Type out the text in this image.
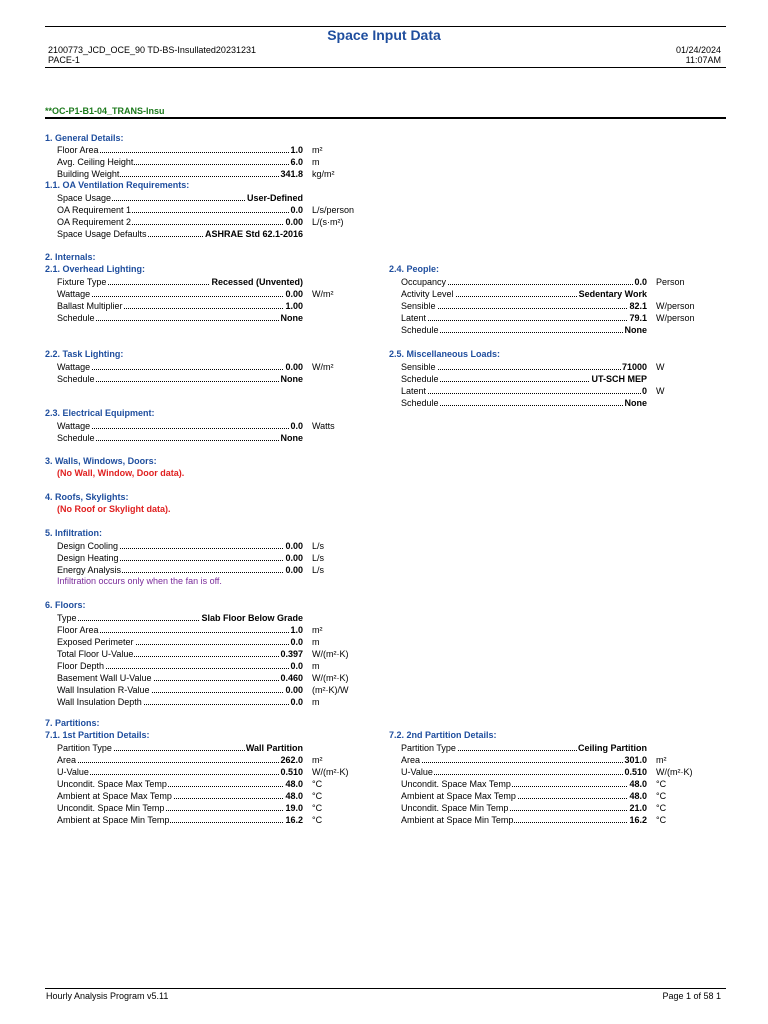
Space Input Data
2100773_JCD_OCE_90 TD-BS-Insullated20231231
PACE-1
01/24/2024
11:07AM
**OC-P1-B1-04_TRANS-Insu
1. General Details:
1.1. OA Ventilation Requirements:
2. Internals:
2.1. Overhead Lighting:	2.4. People:
2.2. Task Lighting:	2.5. Miscellaneous Loads:
2.3. Electrical Equipment:
3. Walls, Windows, Doors:
(No Wall, Window, Door data).
4. Roofs, Skylights:
(No Roof or Skylight data).
5. Infiltration:
Infiltration occurs only when the fan is off.
6. Floors:
7. Partitions:
7.1. 1st Partition Details:	7.2. 2nd Partition Details:
Floor Area	1.0 m²
Avg. Ceiling Height	6.0 m
Building Weight	341.8 kg/m²
Space Usage	User-Defined
OA Requirement 1	0.0 L/s/person
OA Requirement 2	0.00 L/(s·m²)
Space Usage Defaults	ASHRAE Std 62.1-2016
Fixture Type	Recessed (Unvented)
Wattage	0.00 W/m²
Ballast Multiplier	1.00
Schedule	None
Occupancy	0.0 Person
Activity Level	Sedentary Work
Sensible	82.1 W/person
Latent	79.1 W/person
Schedule	None
Wattage	0.00 W/m²
Schedule	None
Sensible	71000 W
Schedule	UT-SCH MEP
Latent	0 W
Schedule	None
Wattage	0.0 Watts
Schedule	None
Design Cooling	0.00 L/s
Design Heating	0.00 L/s
Energy Analysis	0.00 L/s
Type	Slab Floor Below Grade
Floor Area	1.0 m²
Exposed Perimeter	0.0 m
Total Floor U-Value	0.397 W/(m²·K)
Floor Depth	0.0 m
Basement Wall U-Value	0.460 W/(m²·K)
Wall Insulation R-Value	0.00 (m²·K)/W
Wall Insulation Depth	0.0 m
Partition Type	Wall Partition
Area	262.0 m²
U-Value	0.510 W/(m²·K)
Uncondit. Space Max Temp	48.0 °C
Ambient at Space Max Temp	48.0 °C
Uncondit. Space Min Temp	19.0 °C
Ambient at Space Min Temp	16.2 °C
Partition Type	Ceiling Partition
Area	301.0 m²
U-Value	0.510 W/(m²·K)
Uncondit. Space Max Temp	48.0 °C
Ambient at Space Max Temp	48.0 °C
Uncondit. Space Min Temp	21.0 °C
Ambient at Space Min Temp	16.2 °C
Hourly Analysis Program v5.11	Page 1 of 58 1
